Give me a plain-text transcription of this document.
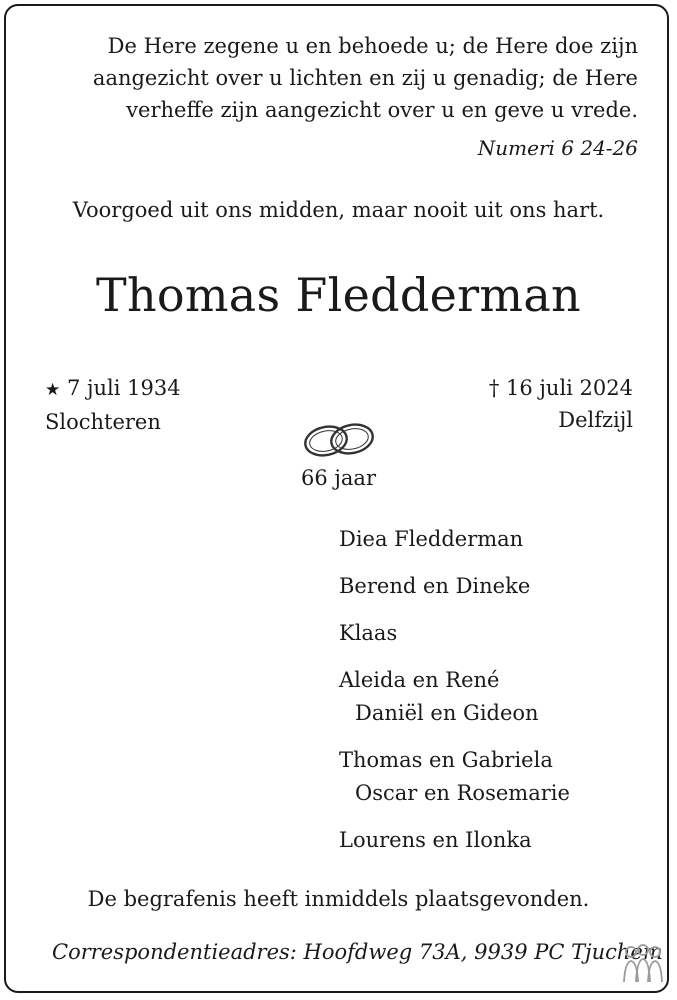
De Here zegene u en behoede u; de Here doe zijn
aangezicht over u lichten en zij u genadig; de Here
verheffe zijn aangezicht over u en geve u vrede.
Numeri 6 24-26
Voorgoed uit ons midden, maar nooit uit ons hart.
Thomas Fledderman
★ 7 juli 1934
Slochteren
† 16 juli 2024
Delfzijl
66 jaar
Diea Fledderman
Berend en Dineke
Klaas
Aleida en René
Daniël en Gideon
Thomas en Gabriela
Oscar en Rosemarie
Lourens en Ilonka
De begrafenis heeft inmiddels plaatsgevonden.
Correspondentieadres: Hoofdweg 73A, 9939 PC Tjuchem
